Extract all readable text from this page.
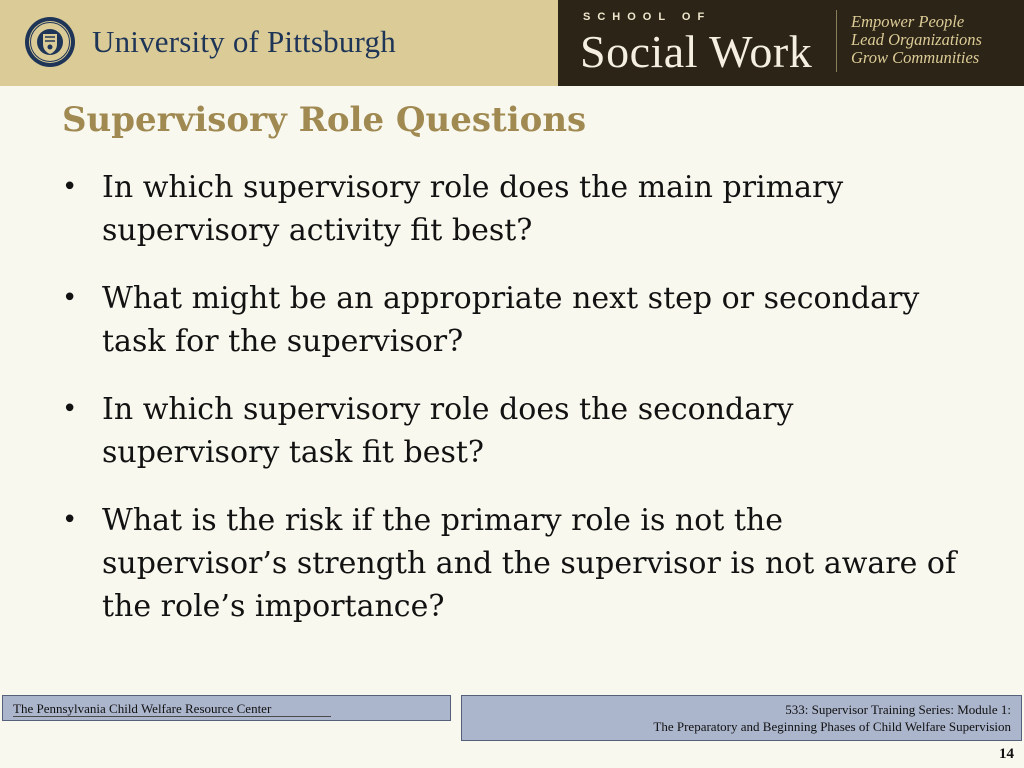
University of Pittsburgh
SCHOOL OF
Social Work
Empower People
Lead Organizations
Grow Communities
Supervisory Role Questions
• In which supervisory role does the main primary supervisory activity fit best?
• What might be an appropriate next step or secondary task for the supervisor?
• In which supervisory role does the secondary supervisory task fit best?
• What is the risk if the primary role is not the supervisor’s strength and the supervisor is not aware of the role’s importance?
The Pennsylvania Child Welfare Resource Center	533: Supervisor Training Series: Module 1:
The Preparatory and Beginning Phases of Child Welfare Supervision
14
